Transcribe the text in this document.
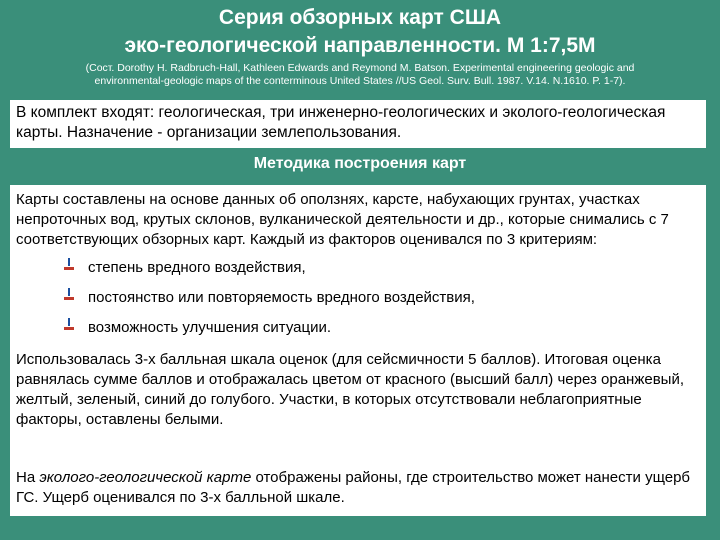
Серия обзорных карт США
эко-геологической направленности. М 1:7,5М
(Сост. Dorothy H. Radbruch-Hall, Kathleen Edwards and Reymond M. Batson. Experimental engineering geologic and
environmental-geologic maps of the conterminous United States //US Geol. Surv. Bull. 1987. V.14. N.1610. P. 1-7).

В комплект входят: геологическая, три инженерно-геологических и эколого-геологическая карты. Назначение - организации землепользования.

Методика построения карт

Карты составлены на основе данных об оползнях, карсте, набухающих грунтах, участках непроточных вод, крутых склонов, вулканической деятельности и др., которые снимались с 7 соответствующих обзорных карт. Каждый из факторов оценивался по 3 критериям:

степень вредного воздействия,
постоянство или повторяемость вредного воздействия,
возможность улучшения ситуации.

Использовалась 3-х балльная шкала оценок (для сейсмичности 5 баллов). Итоговая оценка равнялась сумме баллов и отображалась цветом от красного (высший балл) через оранжевый, желтый, зеленый, синий до голубого. Участки, в которых отсутствовали неблагоприятные факторы, оставлены белыми.

На эколого-геологической карте отображены районы, где строительство может нанести ущерб ГС. Ущерб оценивался по 3-х балльной шкале.
